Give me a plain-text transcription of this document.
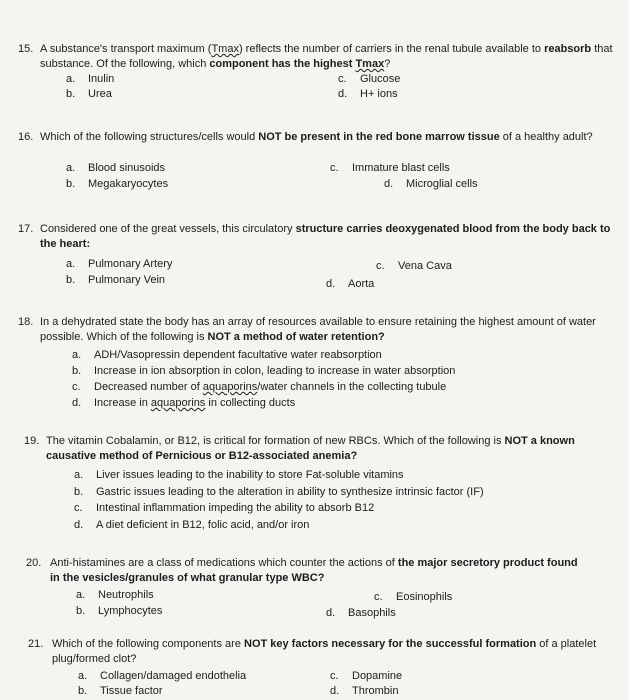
15. A substance's transport maximum (Tmax) reflects the number of carriers in the renal tubule available to reabsorb that substance. Of the following, which component has the highest Tmax?
a. Inulin
b. Urea
c. Glucose
d. H+ ions
16. Which of the following structures/cells would NOT be present in the red bone marrow tissue of a healthy adult?
a. Blood sinusoids
b. Megakaryocytes
c. Immature blast cells
d. Microglial cells
17. Considered one of the great vessels, this circulatory structure carries deoxygenated blood from the body back to the heart:
a. Pulmonary Artery
b. Pulmonary Vein
c. Vena Cava
d. Aorta
18. In a dehydrated state the body has an array of resources available to ensure retaining the highest amount of water possible. Which of the following is NOT a method of water retention?
a. ADH/Vasopressin dependent facultative water reabsorption
b. Increase in ion absorption in colon, leading to increase in water absorption
c. Decreased number of aquaporins/water channels in the collecting tubule
d. Increase in aquaporins in collecting ducts
19. The vitamin Cobalamin, or B12, is critical for formation of new RBCs. Which of the following is NOT a known causative method of Pernicious or B12-associated anemia?
a. Liver issues leading to the inability to store Fat-soluble vitamins
b. Gastric issues leading to the alteration in ability to synthesize intrinsic factor (IF)
c. Intestinal inflammation impeding the ability to absorb B12
d. A diet deficient in B12, folic acid, and/or iron
20. Anti-histamines are a class of medications which counter the actions of the major secretory product found in the vesicles/granules of what granular type WBC?
a. Neutrophils
b. Lymphocytes
c. Eosinophils
d. Basophils
21. Which of the following components are NOT key factors necessary for the successful formation of a platelet plug/formed clot?
a. Collagen/damaged endothelia
b. Tissue factor
c. Dopamine
d. Thrombin
